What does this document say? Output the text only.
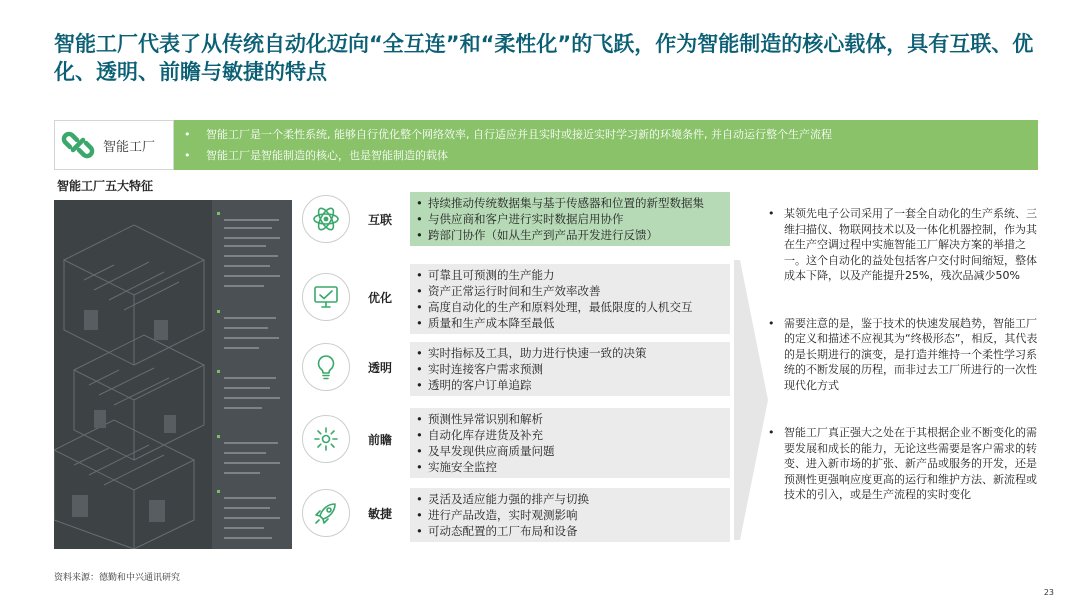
智能工厂代表了从传统自动化迈向“全互连”和“柔性化”的飞跃，作为智能制造的核心载体，具有互联、优化、透明、前瞻与敏捷的特点
智能工厂
• 智能工厂是一个柔性系统, 能够自行优化整个网络效率, 自行适应并且实时或接近实时学习新的环境条件, 并自动运行整个生产流程
• 智能工厂是智能制造的核心，也是智能制造的载体
智能工厂五大特征
互联
• 持续推动传统数据集与基于传感器和位置的新型数据集
• 与供应商和客户进行实时数据启用协作
• 跨部门协作（如从生产到产品开发进行反馈）
优化
• 可靠且可预测的生产能力
• 资产正常运行时间和生产效率改善
• 高度自动化的生产和原料处理，最低限度的人机交互
• 质量和生产成本降至最低
透明
• 实时指标及工具，助力进行快速一致的决策
• 实时连接客户需求预测
• 透明的客户订单追踪
前瞻
• 预测性异常识别和解析
• 自动化库存进货及补充
• 及早发现供应商质量问题
• 实施安全监控
敏捷
• 灵活及适应能力强的排产与切换
• 进行产品改造，实时观测影响
• 可动态配置的工厂布局和设备
• 某领先电子公司采用了一套全自动化的生产系统、三维扫描仪、物联网技术以及一体化机器控制，作为其在生产空调过程中实施智能工厂解决方案的举措之一。这个自动化的益处包括客户交付时间缩短，整体成本下降，以及产能提升25%，残次品减少50%
• 需要注意的是，鉴于技术的快速发展趋势，智能工厂的定义和描述不应视其为“终极形态”，相反，其代表的是长期进行的演变，是打造并维持一个柔性学习系统的不断发展的历程，而非过去工厂所进行的一次性现代化方式
• 智能工厂真正强大之处在于其根据企业不断变化的需要发展和成长的能力，无论这些需要是客户需求的转变、进入新市场的扩张、新产品或服务的开发，还是预测性更强响应度更高的运行和维护方法、新流程或技术的引入，或是生产流程的实时变化
资料来源：德勤和中兴通讯研究
23
